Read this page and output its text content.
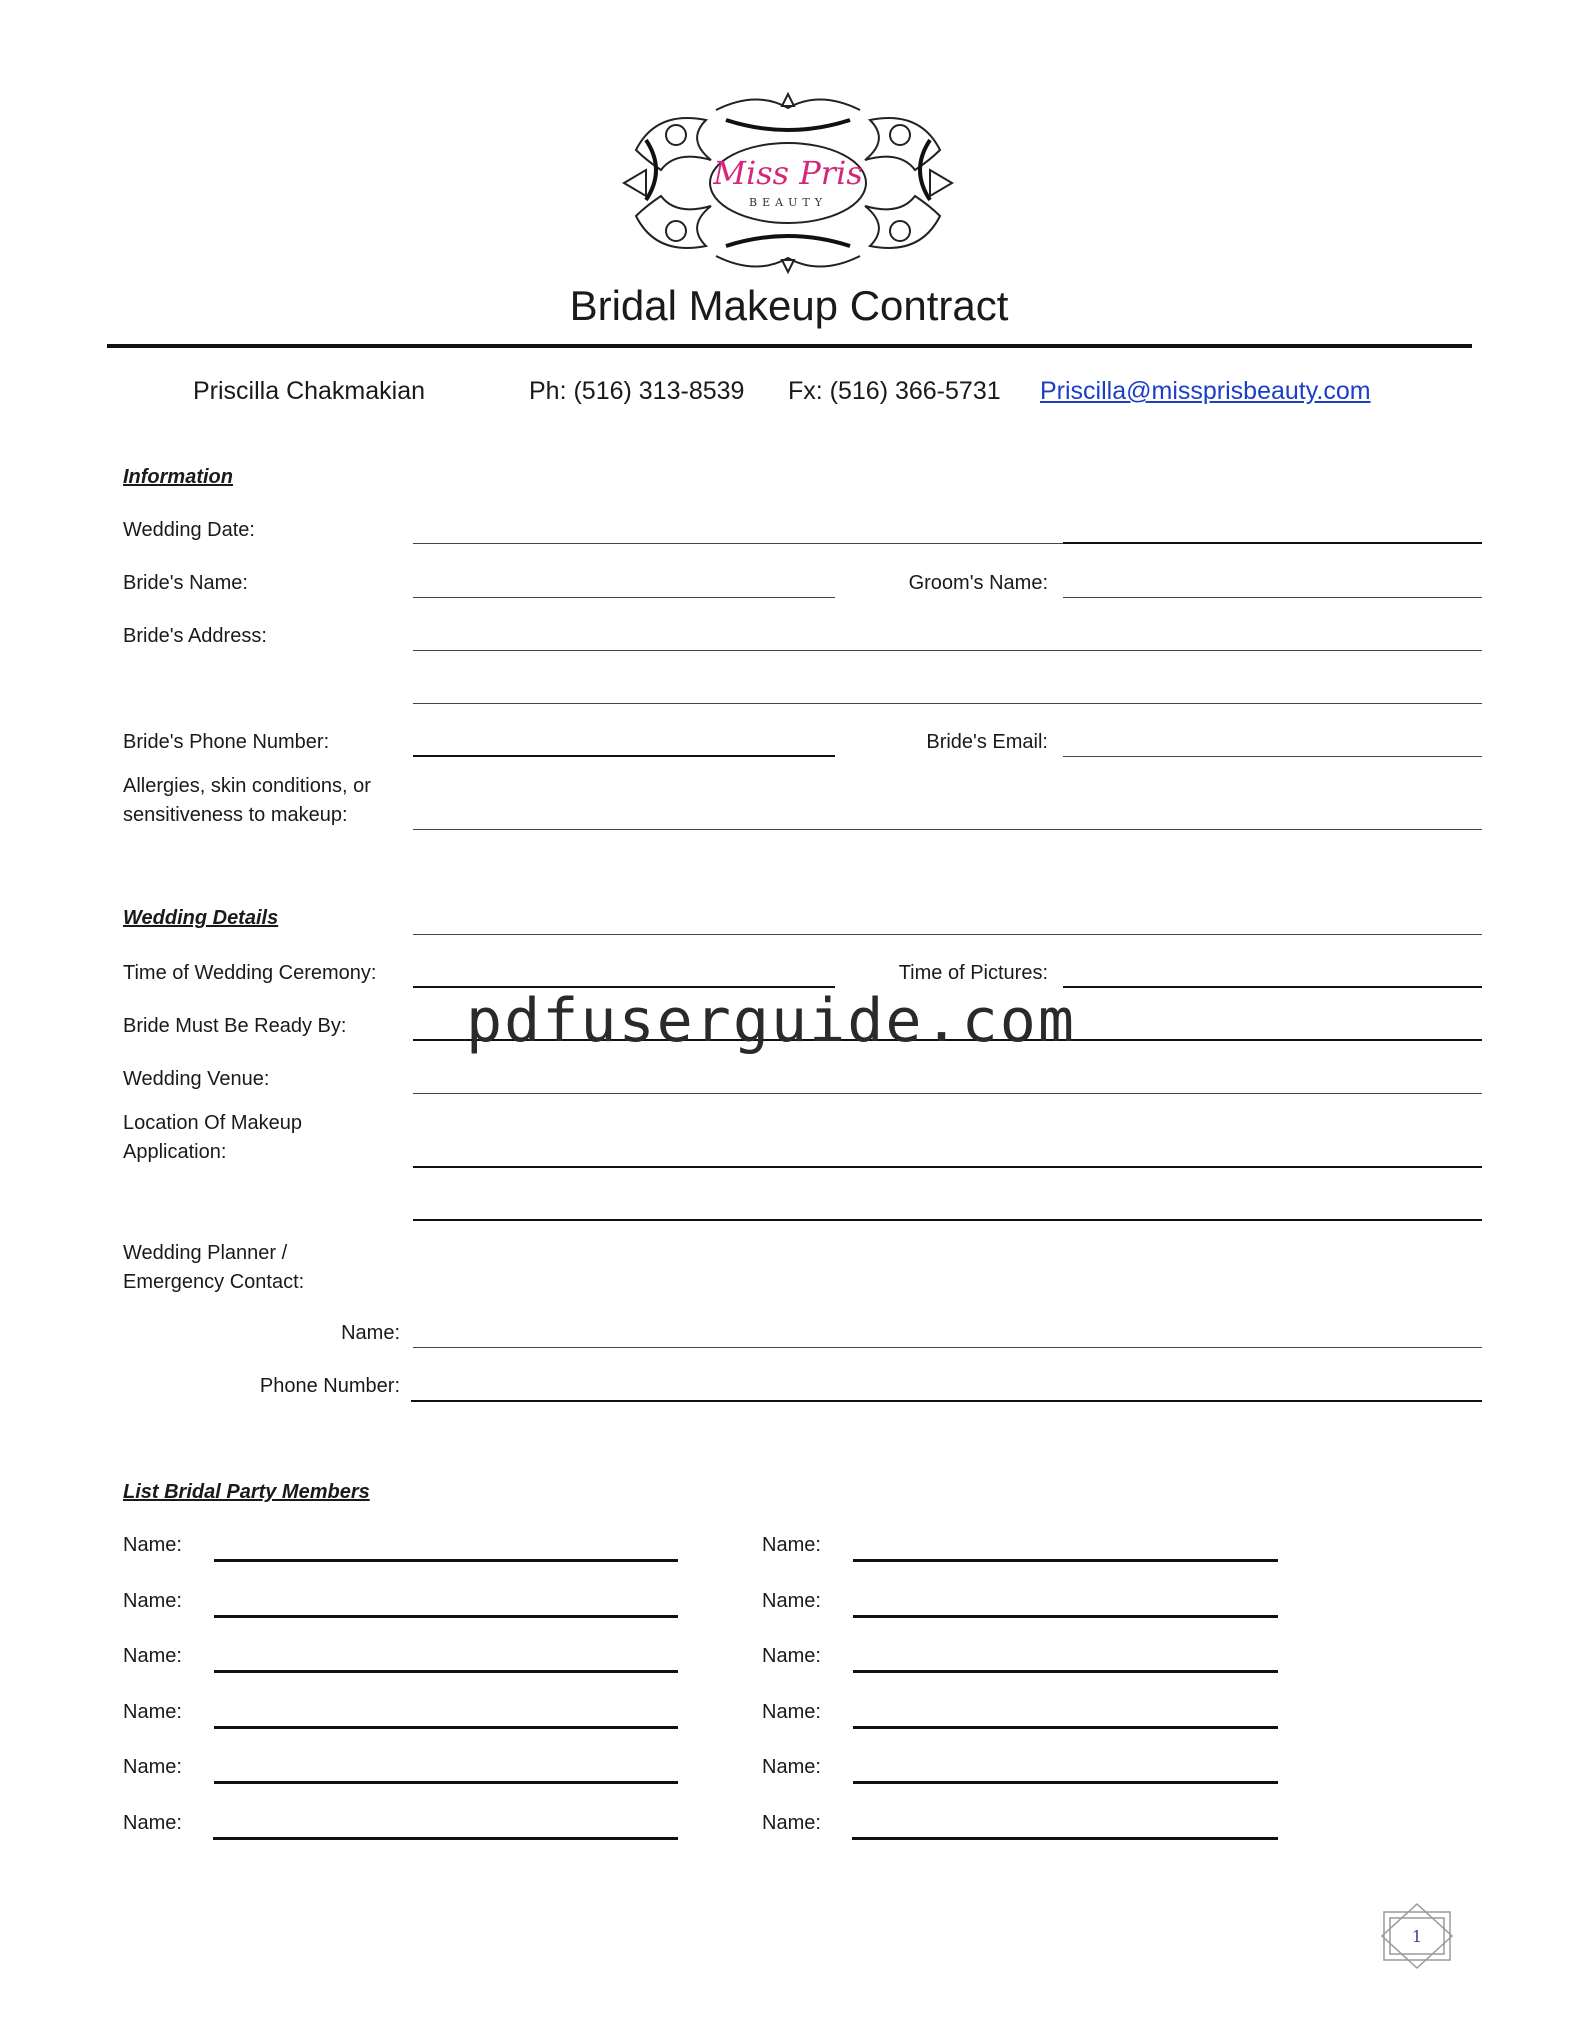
Miss Pris
BEAUTY
Bridal Makeup Contract
Priscilla Chakmakian	Ph: (516) 313-8539 Fx: (516) 366-5731 Priscilla@missprisbeauty.com
Information
Wedding Date:
Bride's Name:	Groom's Name:
Bride's Address:
Bride's Phone Number:	Bride's Email:
Allergies, skin conditions, or
sensitiveness to makeup:
Wedding Details
Time of Wedding Ceremony:	Time of Pictures:
Bride Must Be Ready By:
Wedding Venue:
Location Of Makeup
Application:
Wedding Planner /
Emergency Contact:
Name:
Phone Number:
pdfuserguide.com
List Bridal Party Members
Name:	Name:
Name:	Name:
Name:	Name:
Name:	Name:
Name:	Name:
Name:	Name:
1
